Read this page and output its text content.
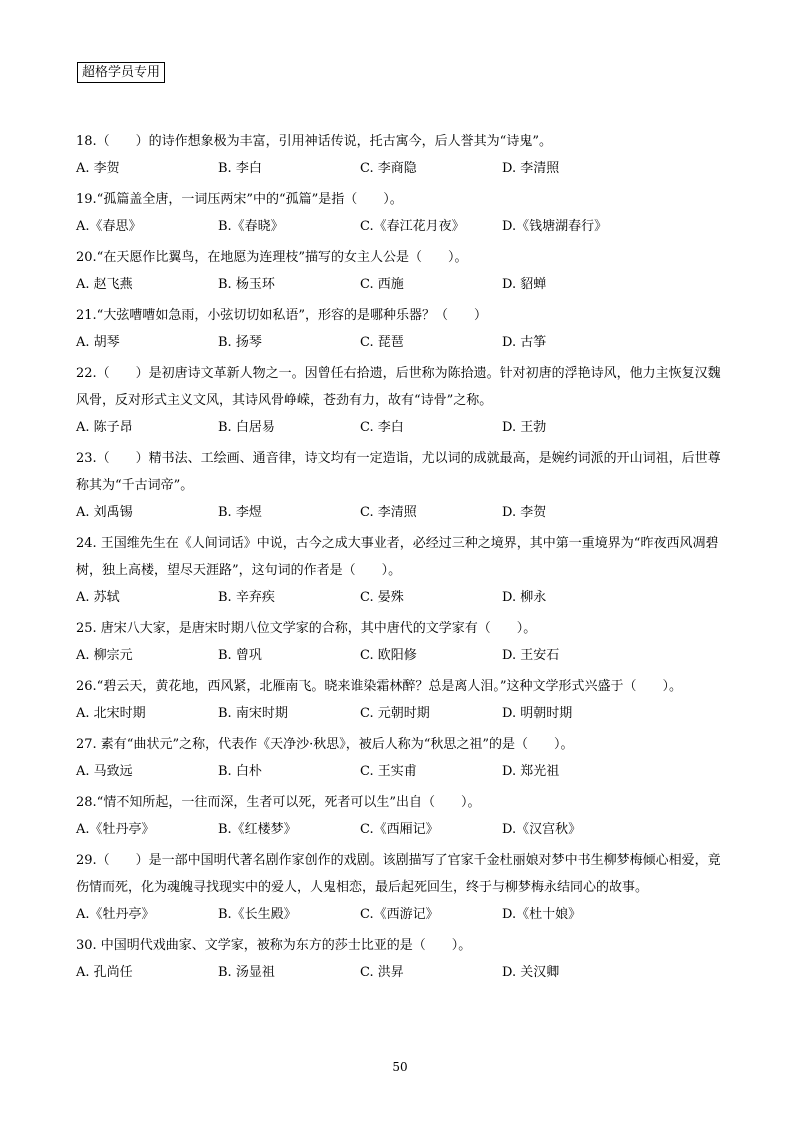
超格学员专用

18.（　　）的诗作想象极为丰富，引用神话传说，托古寓今，后人誉其为“诗鬼”。

A. 李贺	B. 李白	C. 李商隐	D. 李清照

19.“孤篇盖全唐，一词压两宋”中的“孤篇”是指（　　）。

A.《春思》	B.《春晓》	C.《春江花月夜》	D.《钱塘湖春行》

20.“在天愿作比翼鸟，在地愿为连理枝”描写的女主人公是（　　）。

A. 赵飞燕	B. 杨玉环	C. 西施	D. 貂蝉

21.“大弦嘈嘈如急雨，小弦切切如私语”，形容的是哪种乐器？（　　）

A. 胡琴	B. 扬琴	C. 琵琶	D. 古筝

22.（　　）是初唐诗文革新人物之一。因曾任右拾遗，后世称为陈拾遗。针对初唐的浮艳诗风，他力主恢复汉魏风骨，反对形式主义文风，其诗风骨峥嵘，苍劲有力，故有“诗骨”之称。

A. 陈子昂	B. 白居易	C. 李白	D. 王勃

23.（　　）精书法、工绘画、通音律，诗文均有一定造诣，尤以词的成就最高，是婉约词派的开山词祖，后世尊称其为“千古词帝”。

A. 刘禹锡	B. 李煜	C. 李清照	D. 李贺

24. 王国维先生在《人间词话》中说，古今之成大事业者，必经过三种之境界，其中第一重境界为“昨夜西风凋碧树，独上高楼，望尽天涯路”，这句词的作者是（　　）。

A. 苏轼	B. 辛弃疾	C. 晏殊	D. 柳永

25. 唐宋八大家，是唐宋时期八位文学家的合称，其中唐代的文学家有（　　）。

A. 柳宗元	B. 曾巩	C. 欧阳修	D. 王安石

26.“碧云天，黄花地，西风紧，北雁南飞。晓来谁染霜林醉？总是离人泪。”这种文学形式兴盛于（　　）。

A. 北宋时期	B. 南宋时期	C. 元朝时期	D. 明朝时期

27. 素有“曲状元”之称，代表作《天净沙·秋思》，被后人称为“秋思之祖”的是（　　）。

A. 马致远	B. 白朴	C. 王实甫	D. 郑光祖

28.“情不知所起，一往而深，生者可以死，死者可以生”出自（　　）。

A.《牡丹亭》	B.《红楼梦》	C.《西厢记》	D.《汉宫秋》

29.（　　）是一部中国明代著名剧作家创作的戏剧。该剧描写了官家千金杜丽娘对梦中书生柳梦梅倾心相爱，竟伤情而死，化为魂魄寻找现实中的爱人，人鬼相恋，最后起死回生，终于与柳梦梅永结同心的故事。

A.《牡丹亭》	B.《长生殿》	C.《西游记》	D.《杜十娘》

30. 中国明代戏曲家、文学家，被称为东方的莎士比亚的是（　　）。

A. 孔尚任	B. 汤显祖	C. 洪昇	D. 关汉卿
50
